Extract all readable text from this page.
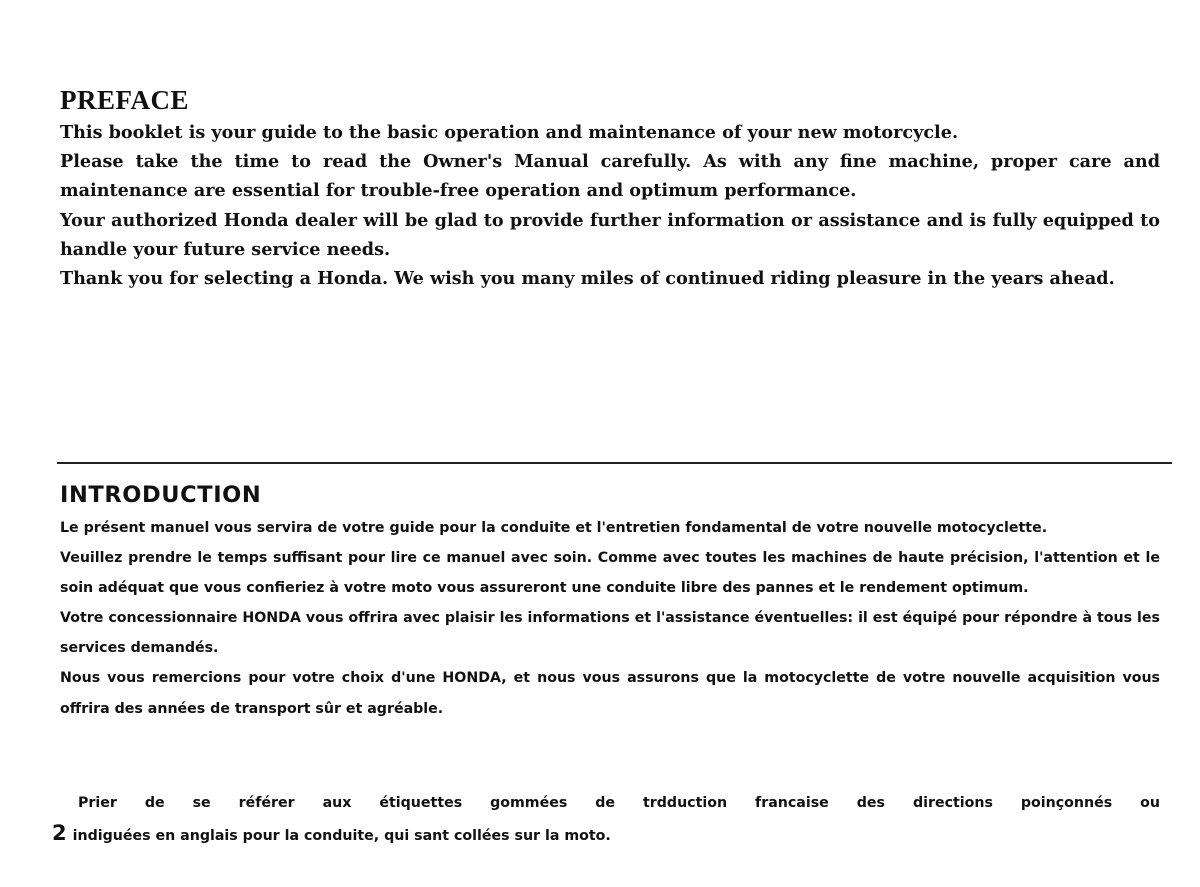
PREFACE

This booklet is your guide to the basic operation and maintenance of your new motorcycle.

Please take the time to read the Owner's Manual carefully. As with any fine machine, proper care and maintenance are essential for trouble-free operation and optimum performance.

Your authorized Honda dealer will be glad to provide further information or assistance and is fully equipped to handle your future service needs.

Thank you for selecting a Honda. We wish you many miles of continued riding pleasure in the years ahead.

INTRODUCTION

Le présent manuel vous servira de votre guide pour la conduite et l'entretien fondamental de votre nouvelle motocyclette.

Veuillez prendre le temps suffisant pour lire ce manuel avec soin. Comme avec toutes les machines de haute précision, l'attention et le soin adéquat que vous confieriez à votre moto vous assureront une conduite libre des pannes et le rendement optimum.

Votre concessionnaire HONDA vous offrira avec plaisir les informations et l'assistance éventuelles: il est équipé pour répondre à tous les services demandés.

Nous vous remercions pour votre choix d'une HONDA, et nous vous assurons que la motocyclette de votre nouvelle acquisition vous offrira des années de transport sûr et agréable.

Prier de se référer aux étiquettes gommées de trdduction francaise des directions poinçonnés ou
2 indiguées en anglais pour la conduite, qui sant collées sur la moto.
